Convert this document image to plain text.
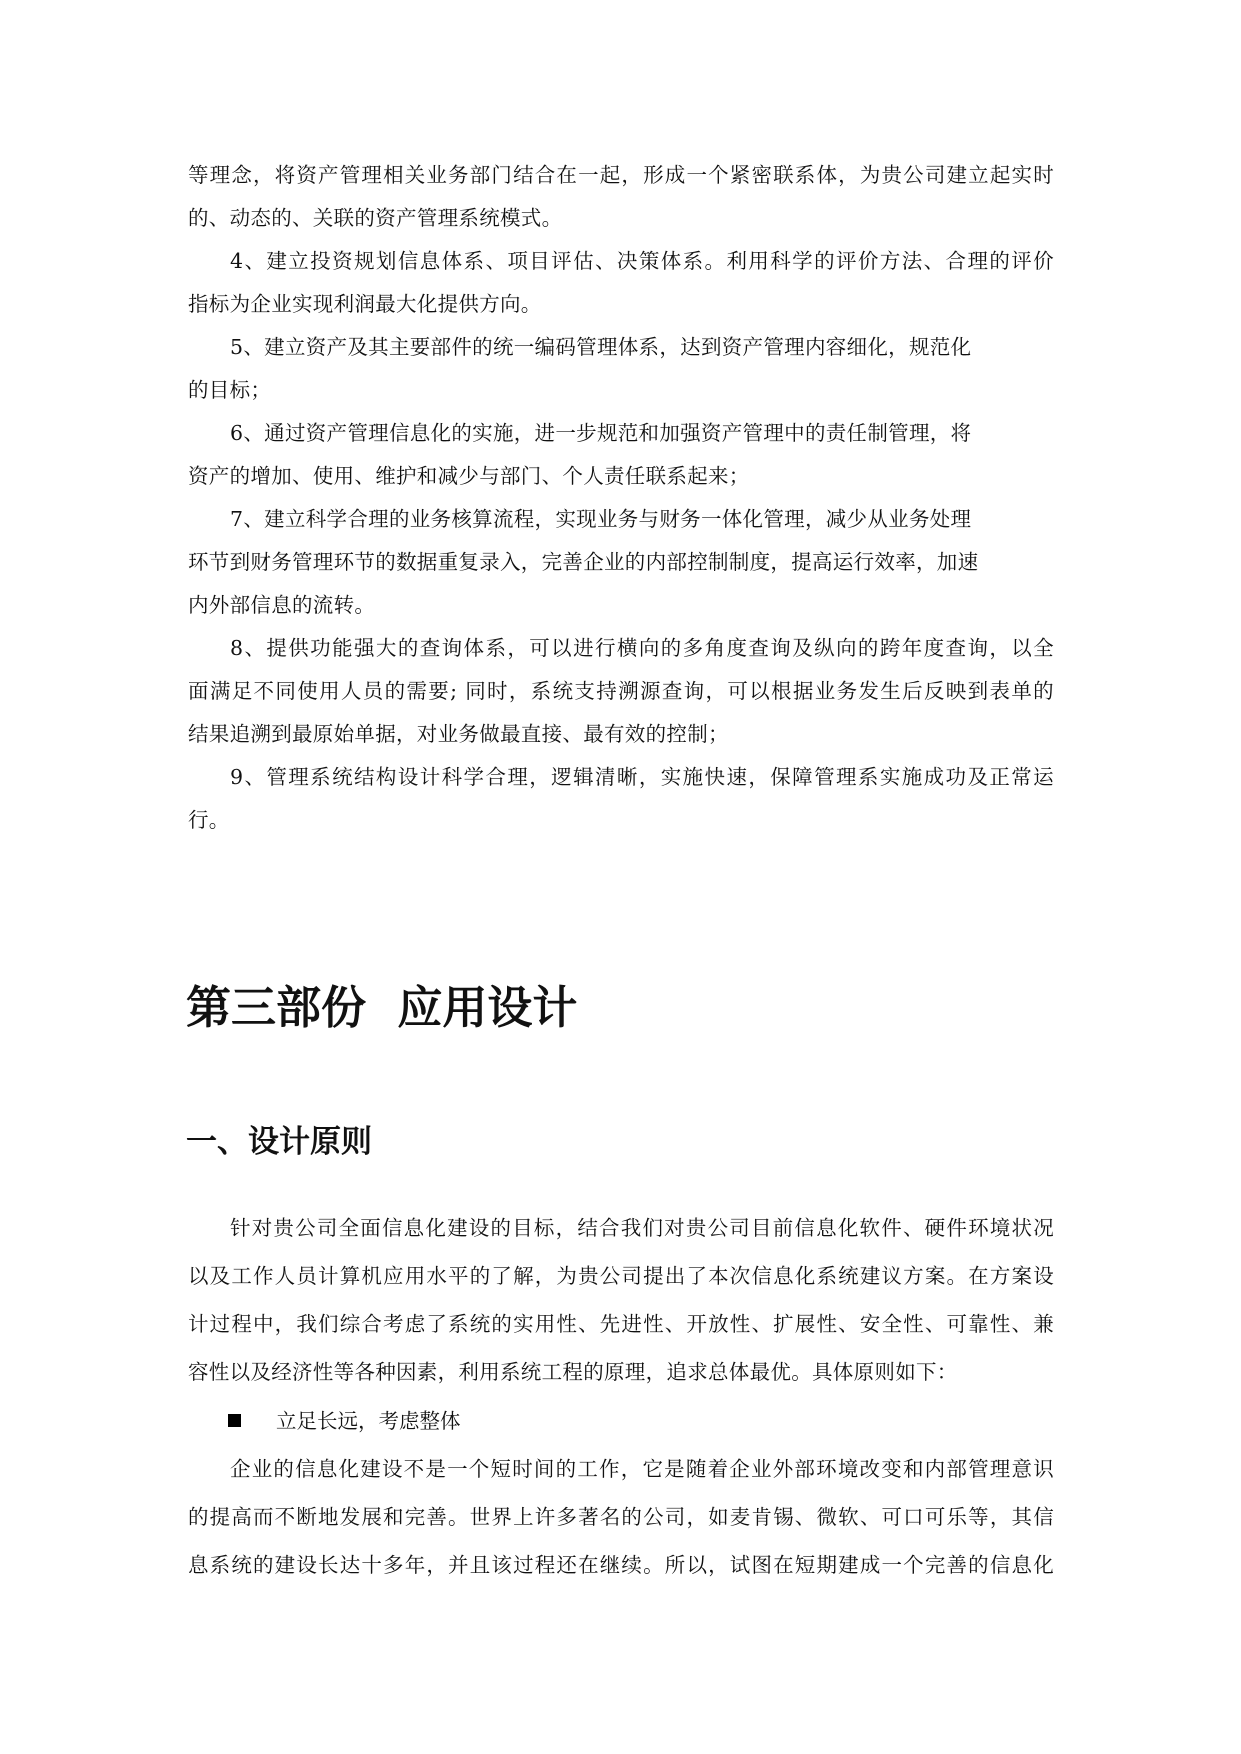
等理念，将资产管理相关业务部门结合在一起，形成一个紧密联系体，为贵公司建立起实时

的、动态的、关联的资产管理系统模式。

4、建立投资规划信息体系、项目评估、决策体系。利用科学的评价方法、合理的评价

指标为企业实现利润最大化提供方向。

5、建立资产及其主要部件的统一编码管理体系，达到资产管理内容细化，规范化

的目标；

6、通过资产管理信息化的实施，进一步规范和加强资产管理中的责任制管理，将

资产的增加、使用、维护和减少与部门、个人责任联系起来；

7、建立科学合理的业务核算流程，实现业务与财务一体化管理，减少从业务处理

环节到财务管理环节的数据重复录入，完善企业的内部控制制度，提高运行效率，加速

内外部信息的流转。

8、提供功能强大的查询体系，可以进行横向的多角度查询及纵向的跨年度查询，以全

面满足不同使用人员的需要; 同时，系统支持溯源查询，可以根据业务发生后反映到表单的

结果追溯到最原始单据，对业务做最直接、最有效的控制；

9、管理系统结构设计科学合理，逻辑清晰，实施快速，保障管理系实施成功及正常运

行。

第三部份  应用设计
一、设计原则

针对贵公司全面信息化建设的目标，结合我们对贵公司目前信息化软件、硬件环境状况

以及工作人员计算机应用水平的了解，为贵公司提出了本次信息化系统建议方案。在方案设

计过程中，我们综合考虑了系统的实用性、先进性、开放性、扩展性、安全性、可靠性、兼

容性以及经济性等各种因素，利用系统工程的原理，追求总体最优。具体原则如下：

立足长远，考虑整体

企业的信息化建设不是一个短时间的工作，它是随着企业外部环境改变和内部管理意识

的提高而不断地发展和完善。世界上许多著名的公司，如麦肯锡、微软、可口可乐等，其信

息系统的建设长达十多年，并且该过程还在继续。所以，试图在短期建成一个完善的信息化
